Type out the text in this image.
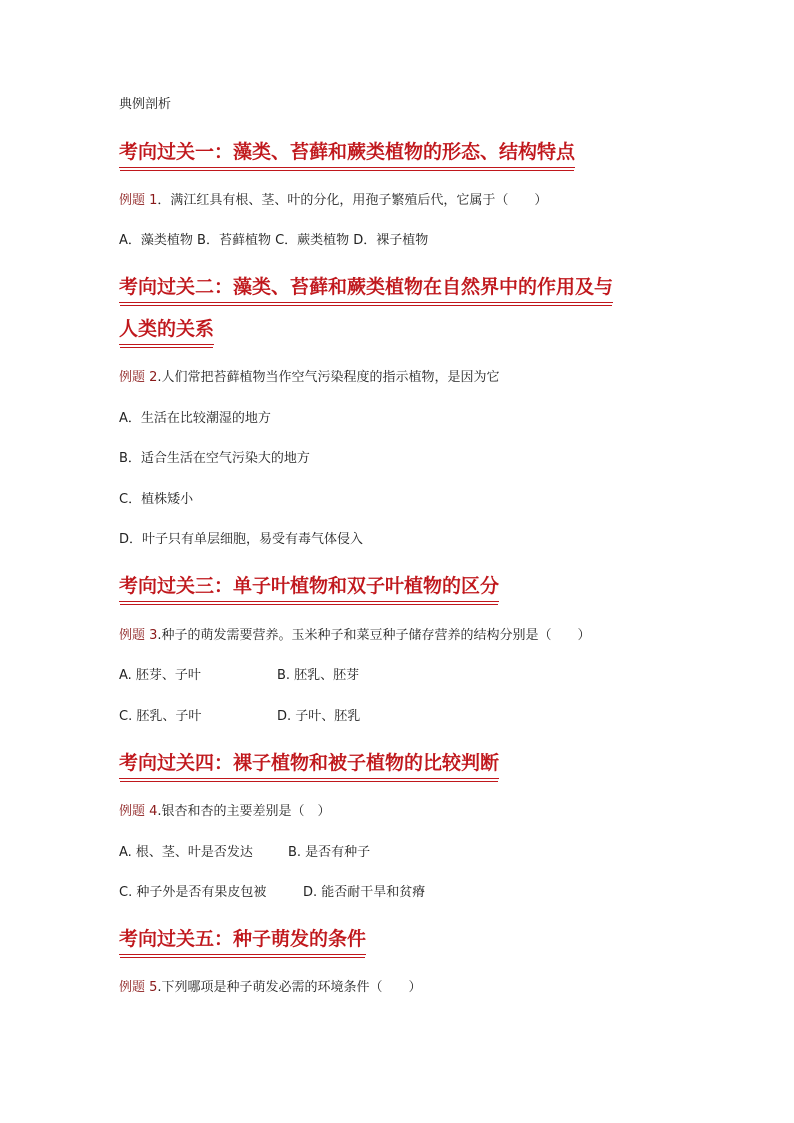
典例剖析
考向过关一：藻类、苔藓和蕨类植物的形态、结构特点
例题 1．满江红具有根、茎、叶的分化，用孢子繁殖后代，它属于（　　）
A．藻类植物 B．苔藓植物 C．蕨类植物 D．裸子植物
考向过关二：藻类、苔藓和蕨类植物在自然界中的作用及与
人类的关系
例题 2.人们常把苔藓植物当作空气污染程度的指示植物，是因为它
A．生活在比较潮湿的地方
B．适合生活在空气污染大的地方
C．植株矮小
D．叶子只有单层细胞，易受有毒气体侵入
考向过关三：单子叶植物和双子叶植物的区分
例题 3.种子的萌发需要营养。玉米种子和菜豆种子储存营养的结构分别是（　　）
A. 胚芽、子叶	B. 胚乳、胚芽
C. 胚乳、子叶	D. 子叶、胚乳
考向过关四：裸子植物和被子植物的比较判断
例题 4.银杏和杏的主要差别是（　）
A. 根、茎、叶是否发达	B. 是否有种子
C. 种子外是否有果皮包被	D. 能否耐干旱和贫瘠
考向过关五：种子萌发的条件
例题 5.下列哪项是种子萌发必需的环境条件（　　）
